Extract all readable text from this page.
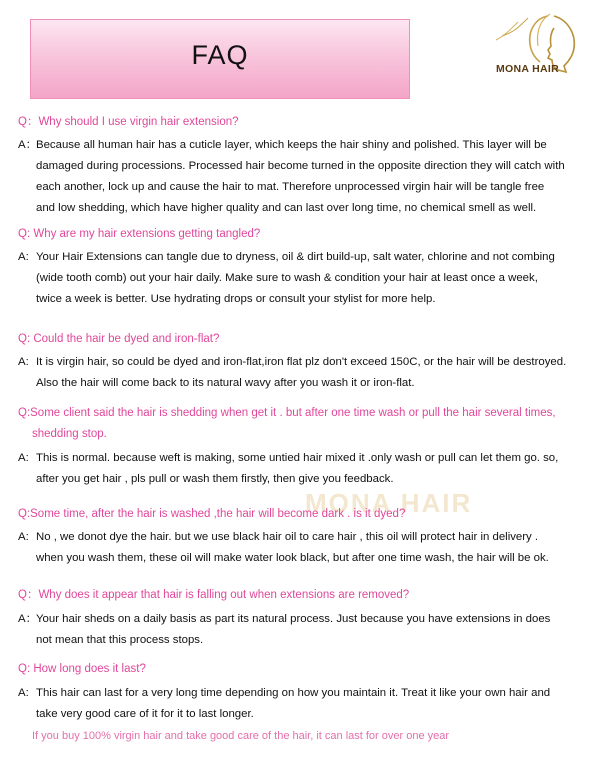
FAQ	MONA HAIR
MONA HAIR
Q：Why should I use virgin hair extension?
A： Because all human hair has a cuticle layer, which keeps the hair shiny and polished. This layer will be
damaged during processions. Processed hair become turned in the opposite direction they will catch with
each another, lock up and cause the hair to mat. Therefore unprocessed virgin hair will be tangle free
and low shedding, which have higher quality and can last over long time, no chemical smell as well.
Q: Why are my hair extensions getting tangled?
A: Your Hair Extensions can tangle due to dryness, oil & dirt build-up, salt water, chlorine and not combing
(wide tooth comb) out your hair daily. Make sure to wash & condition your hair at least once a week,
twice a week is better. Use hydrating drops or consult your stylist for more help.
Q: Could the hair be dyed and iron-flat?
A: It is virgin hair, so could be dyed and iron-flat,iron flat plz don't exceed 150C, or the hair will be destroyed.
Also the hair will come back to its natural wavy after you wash it or iron-flat.
Q:Some client said the hair is shedding when get it . but after one time wash or pull the hair several times,
shedding stop.
A: This is normal. because weft is making, some untied hair mixed it .only wash or pull can let them go. so,
after you get hair , pls pull or wash them firstly, then give you feedback.
Q:Some time, after the hair is washed ,the hair will become dark . is it dyed?
A: No , we donot dye the hair. but we use black hair oil to care hair , this oil will protect hair in delivery .
when you wash them, these oil will make water look black, but after one time wash, the hair will be ok.
Q：Why does it appear that hair is falling out when extensions are removed?
A： Your hair sheds on a daily basis as part its natural process. Just because you have extensions in does
not mean that this process stops.
Q: How long does it last?
A: This hair can last for a very long time depending on how you maintain it. Treat it like your own hair and
take very good care of it for it to last longer.
If you buy 100% virgin hair and take good care of the hair, it can last for over one year
